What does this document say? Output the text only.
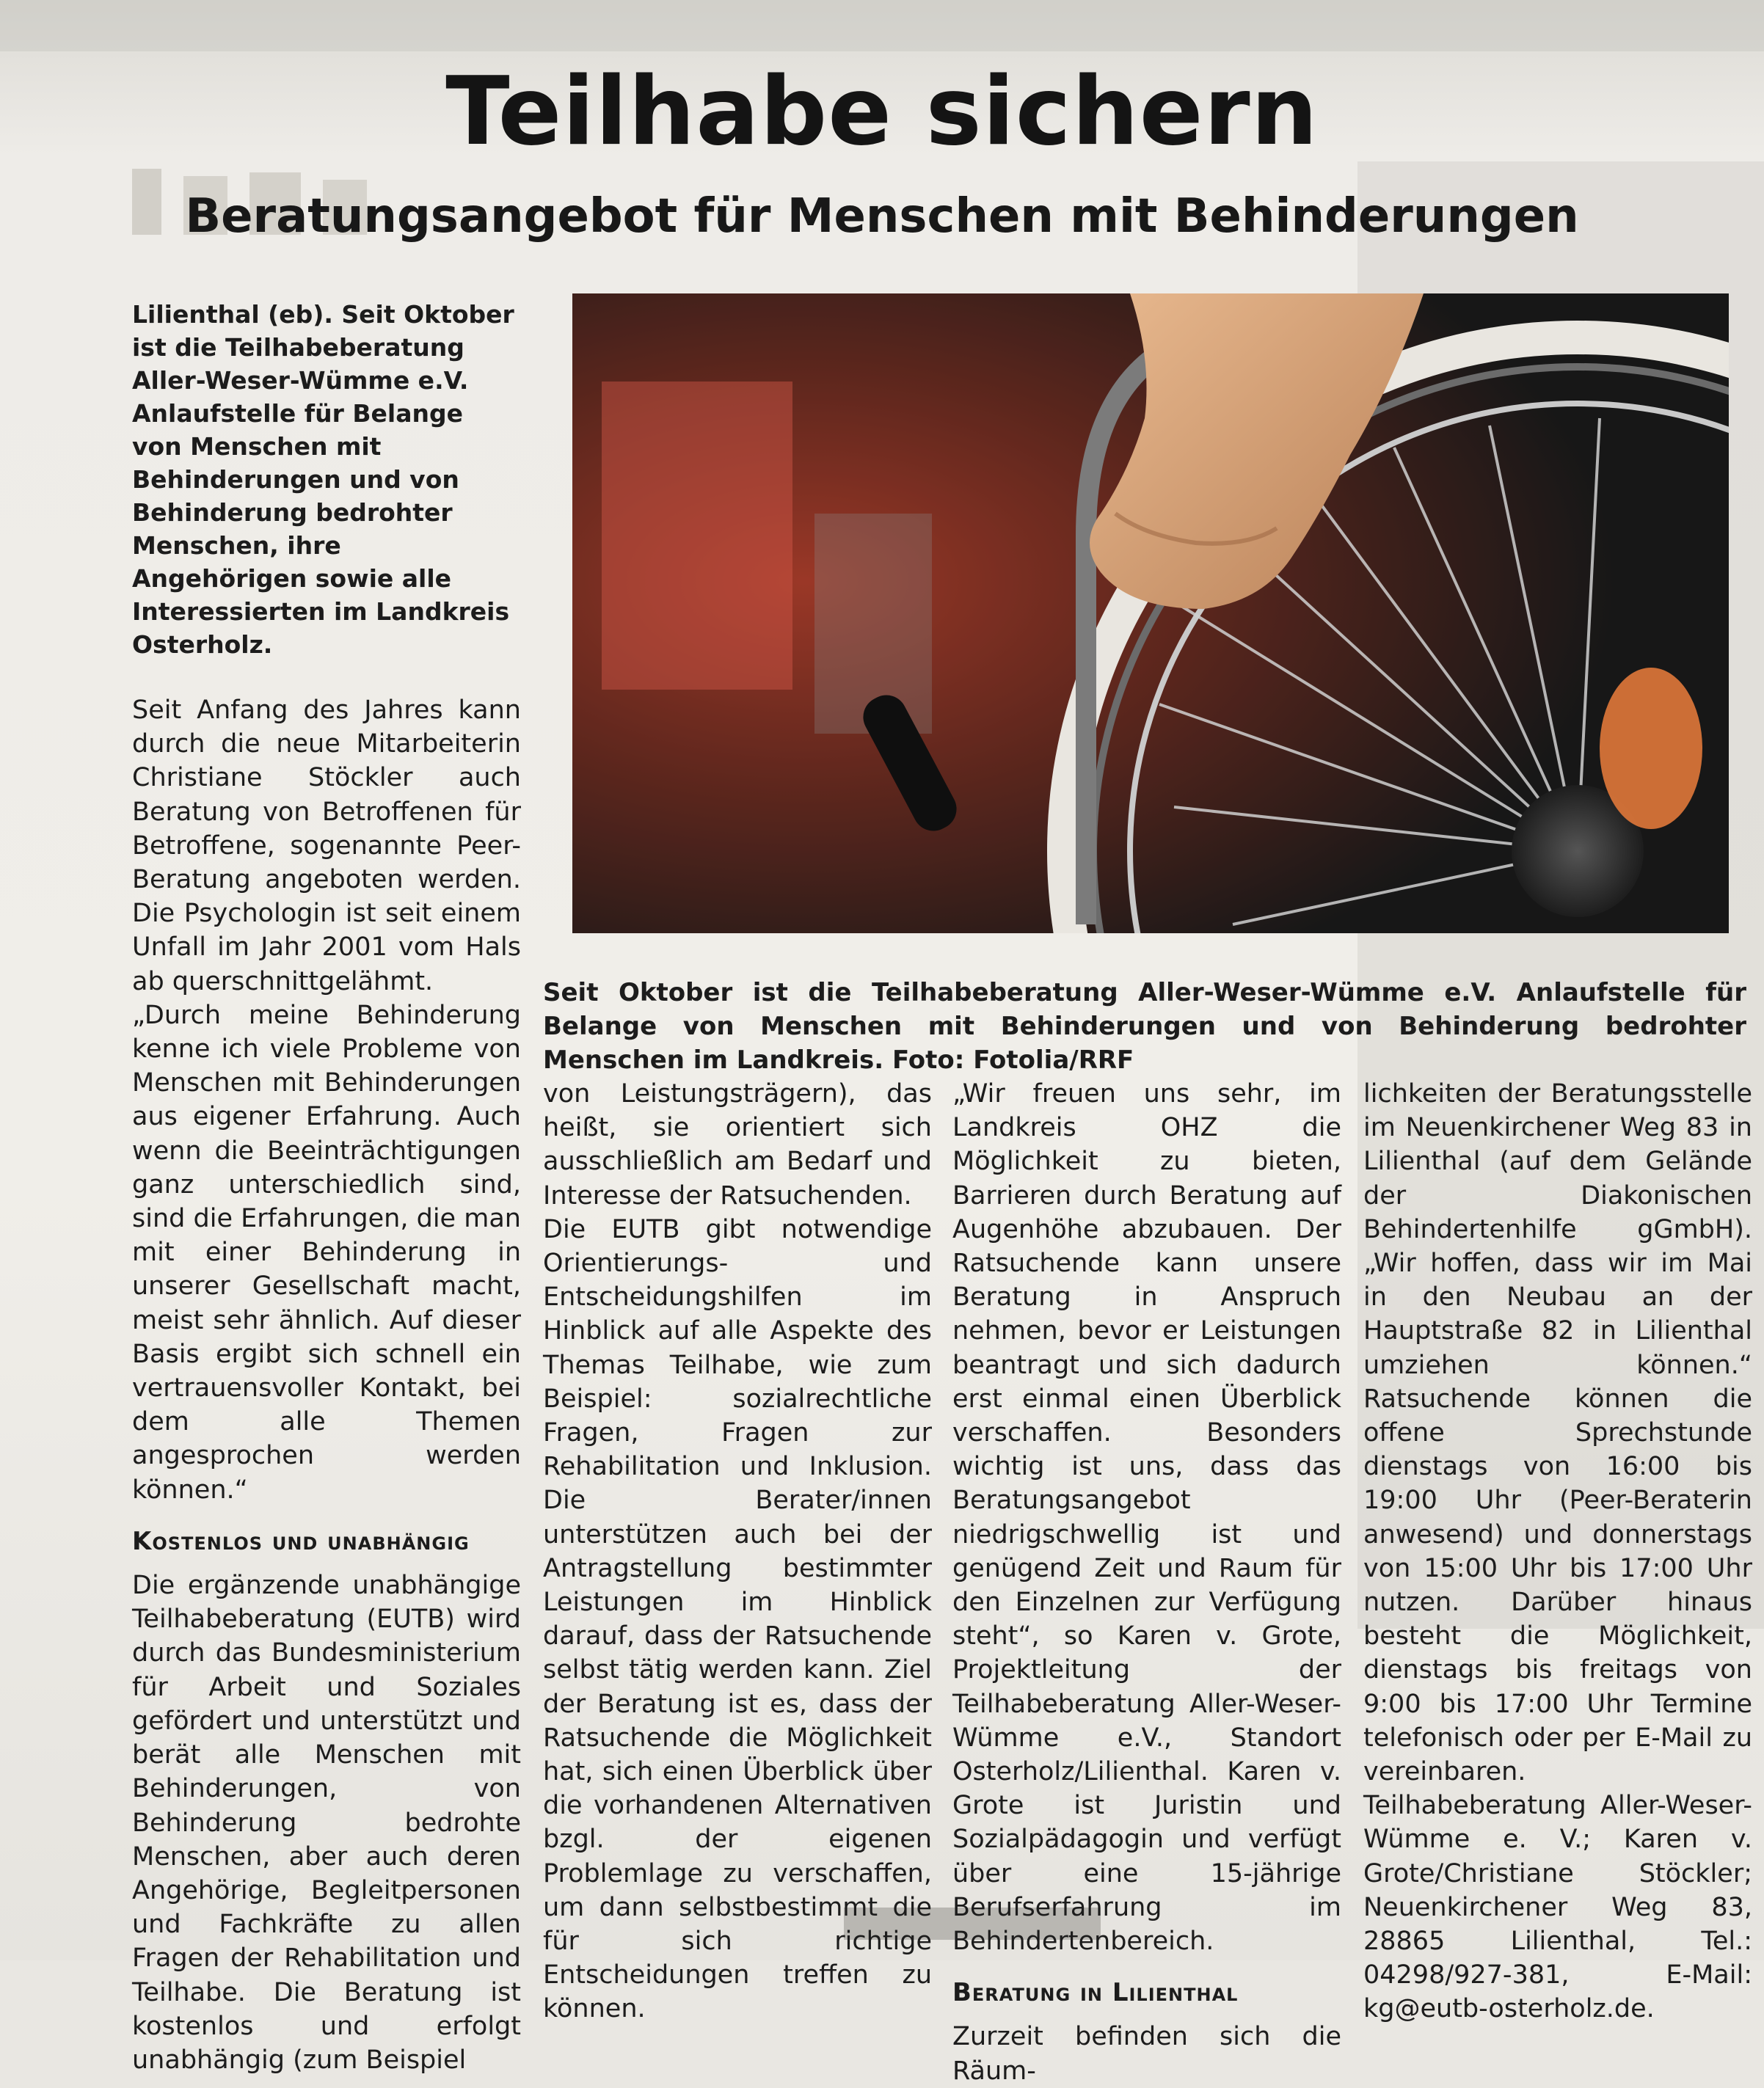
Teilhabe sichern
Beratungsangebot für Menschen mit Behinderungen
Seit Oktober ist die Teilhabeberatung Aller-Weser-Wümme e.V. Anlaufstelle für Belange von Menschen mit Behinderungen und von Behinderung bedrohter Menschen im Landkreis. Foto: Fotolia/RRF

Lilienthal (eb). Seit Oktober ist die Teilhabeberatung Aller-Weser-Wümme e.V. Anlaufstelle für Belange von Menschen mit Behinderungen und von Behinderung bedrohter Menschen, ihre Angehörigen sowie alle Interessierten im Landkreis Osterholz.

Seit Anfang des Jahres kann durch die neue Mitarbeiterin Christiane Stöckler auch Beratung von Betroffenen für Betroffene, sogenannte Peer-Beratung angeboten werden. Die Psychologin ist seit einem Unfall im Jahr 2001 vom Hals ab querschnittgelähmt.

„Durch meine Behinderung kenne ich viele Probleme von Menschen mit Behinderungen aus eigener Erfahrung. Auch wenn die Beeinträchtigungen ganz unterschiedlich sind, sind die Erfahrungen, die man mit einer Behinderung in unserer Gesellschaft macht, meist sehr ähnlich. Auf dieser Basis ergibt sich schnell ein vertrauensvoller Kontakt, bei dem alle Themen angesprochen werden können.“

Kostenlos und unabhängig

Die ergänzende unabhängige Teilhabeberatung (EUTB) wird durch das Bundesministerium für Arbeit und Soziales gefördert und unterstützt und berät alle Menschen mit Behinderungen, von Behinderung bedrohte Menschen, aber auch deren Angehörige, Begleitpersonen und Fachkräfte zu allen Fragen der Rehabilitation und Teilhabe. Die Beratung ist kostenlos und erfolgt unabhängig (zum Beispiel

von Leistungsträgern), das heißt, sie orientiert sich ausschließlich am Bedarf und Interesse der Ratsuchenden.

Die EUTB gibt notwendige Orientierungs- und Entscheidungshilfen im Hinblick auf alle Aspekte des Themas Teilhabe, wie zum Beispiel: sozialrechtliche Fragen, Fragen zur Rehabilitation und Inklusion. Die Berater/innen unterstützen auch bei der Antragstellung bestimmter Leistungen im Hinblick darauf, dass der Ratsuchende selbst tätig werden kann. Ziel der Beratung ist es, dass der Ratsuchende die Möglichkeit hat, sich einen Überblick über die vorhandenen Alternativen bzgl. der eigenen Problemlage zu verschaffen, um dann selbstbestimmt die für sich richtige Entscheidungen treffen zu können.

„Wir freuen uns sehr, im Landkreis OHZ die Möglichkeit zu bieten, Barrieren durch Beratung auf Augenhöhe abzubauen. Der Ratsuchende kann unsere Beratung in Anspruch nehmen, bevor er Leistungen beantragt und sich dadurch erst einmal einen Überblick verschaffen. Besonders wichtig ist uns, dass das Beratungsangebot niedrigschwellig ist und genügend Zeit und Raum für den Einzelnen zur Verfügung steht“, so Karen v. Grote, Projektleitung der Teilhabeberatung Aller-Weser-Wümme e.V., Standort Osterholz/Lilienthal. Karen v. Grote ist Juristin und Sozialpädagogin und verfügt über eine 15-jährige Berufserfahrung im Behindertenbereich.

Beratung in Lilienthal

Zurzeit befinden sich die Räum-

lichkeiten der Beratungsstelle im Neuenkirchener Weg 83 in Lilienthal (auf dem Gelände der Diakonischen Behindertenhilfe gGmbH). „Wir hoffen, dass wir im Mai in den Neubau an der Hauptstraße 82 in Lilienthal umziehen können.“ Ratsuchende können die offene Sprechstunde dienstags von 16:00 bis 19:00 Uhr (Peer-Beraterin anwesend) und donnerstags von 15:00 Uhr bis 17:00 Uhr nutzen. Darüber hinaus besteht die Möglichkeit, dienstags bis freitags von 9:00 bis 17:00 Uhr Termine telefonisch oder per E-Mail zu vereinbaren.

Teilhabeberatung Aller-Weser-Wümme e. V.; Karen v. Grote/Christiane Stöckler; Neuenkirchener Weg 83, 28865 Lilienthal, Tel.: 04298/927-381, E-Mail: kg@eutb-osterholz.de.
